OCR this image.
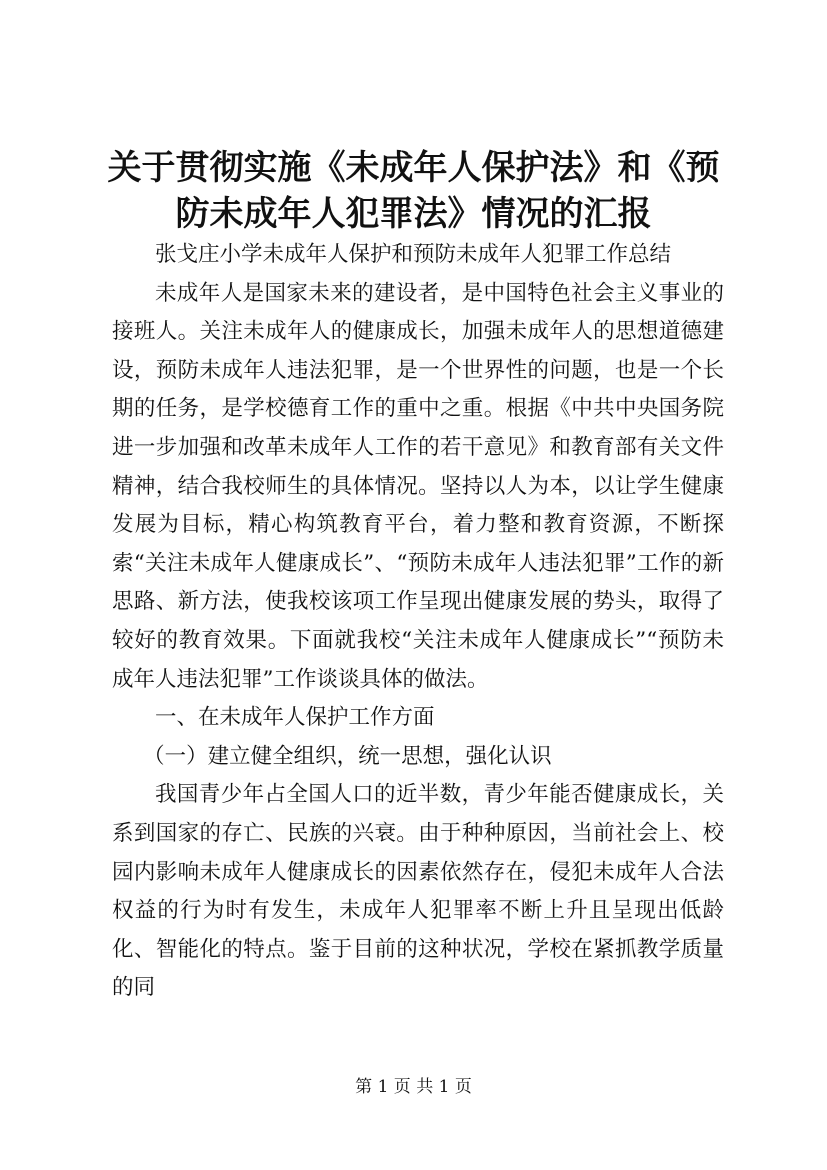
关于贯彻实施《未成年人保护法》和《预防未成年人犯罪法》情况的汇报

张戈庄小学未成年人保护和预防未成年人犯罪工作总结

未成年人是国家未来的建设者，是中国特色社会主义事业的接班人。关注未成年人的健康成长，加强未成年人的思想道德建设，预防未成年人违法犯罪，是一个世界性的问题，也是一个长期的任务，是学校德育工作的重中之重。根据《中共中央国务院进一步加强和改革未成年人工作的若干意见》和教育部有关文件精神，结合我校师生的具体情况。坚持以人为本，以让学生健康发展为目标，精心构筑教育平台，着力整和教育资源，不断探索“关注未成年人健康成长”、“预防未成年人违法犯罪”工作的新思路、新方法，使我校该项工作呈现出健康发展的势头，取得了较好的教育效果。下面就我校“关注未成年人健康成长”“预防未成年人违法犯罪”工作谈谈具体的做法。

一、在未成年人保护工作方面

（一）建立健全组织，统一思想，强化认识

我国青少年占全国人口的近半数，青少年能否健康成长，关系到国家的存亡、民族的兴衰。由于种种原因，当前社会上、校园内影响未成年人健康成长的因素依然存在，侵犯未成年人合法权益的行为时有发生，未成年人犯罪率不断上升且呈现出低龄化、智能化的特点。鉴于目前的这种状况，学校在紧抓教学质量的同

第 1 页 共 1 页
